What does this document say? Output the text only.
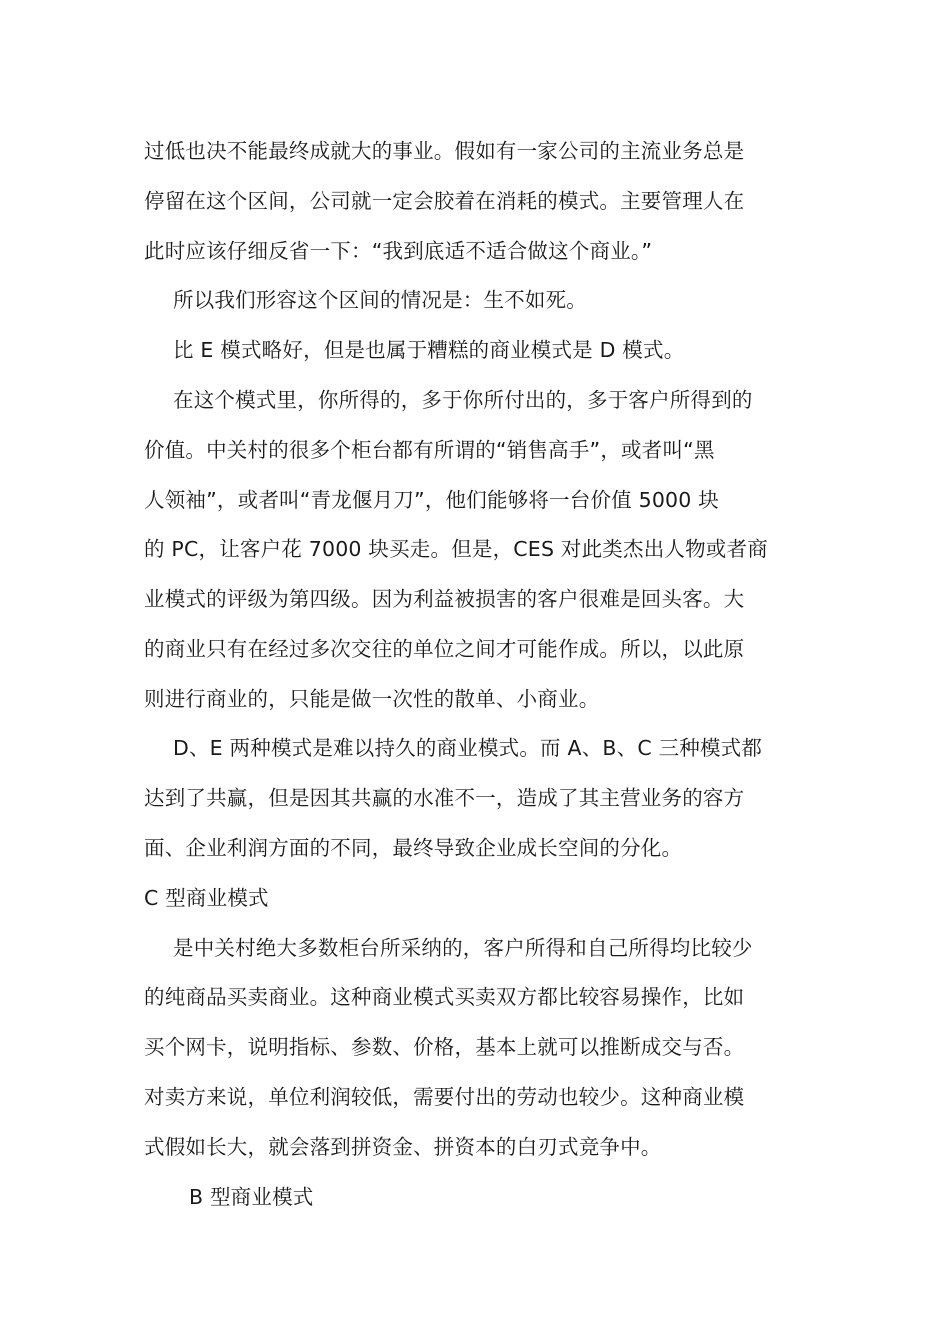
过低也决不能最终成就大的事业。假如有一家公司的主流业务总是
停留在这个区间，公司就一定会胶着在消耗的模式。主要管理人在
此时应该仔细反省一下：“我到底适不适合做这个商业。”
所以我们形容这个区间的情况是：生不如死。
比 E 模式略好，但是也属于糟糕的商业模式是 D 模式。
在这个模式里，你所得的，多于你所付出的，多于客户所得到的
价值。中关村的很多个柜台都有所谓的“销售高手”，或者叫“黑
人领袖”，或者叫“青龙偃月刀”，他们能够将一台价值 5000 块
的 PC，让客户花 7000 块买走。但是，CES 对此类杰出人物或者商
业模式的评级为第四级。因为利益被损害的客户很难是回头客。大
的商业只有在经过多次交往的单位之间才可能作成。所以，以此原
则进行商业的，只能是做一次性的散单、小商业。
D、E 两种模式是难以持久的商业模式。而 A、B、C 三种模式都
达到了共赢，但是因其共赢的水准不一，造成了其主营业务的容方
面、企业利润方面的不同，最终导致企业成长空间的分化。
C 型商业模式
是中关村绝大多数柜台所采纳的，客户所得和自己所得均比较少
的纯商品买卖商业。这种商业模式买卖双方都比较容易操作，比如
买个网卡，说明指标、参数、价格，基本上就可以推断成交与否。
对卖方来说，单位利润较低，需要付出的劳动也较少。这种商业模
式假如长大，就会落到拼资金、拼资本的白刃式竞争中。
B 型商业模式
